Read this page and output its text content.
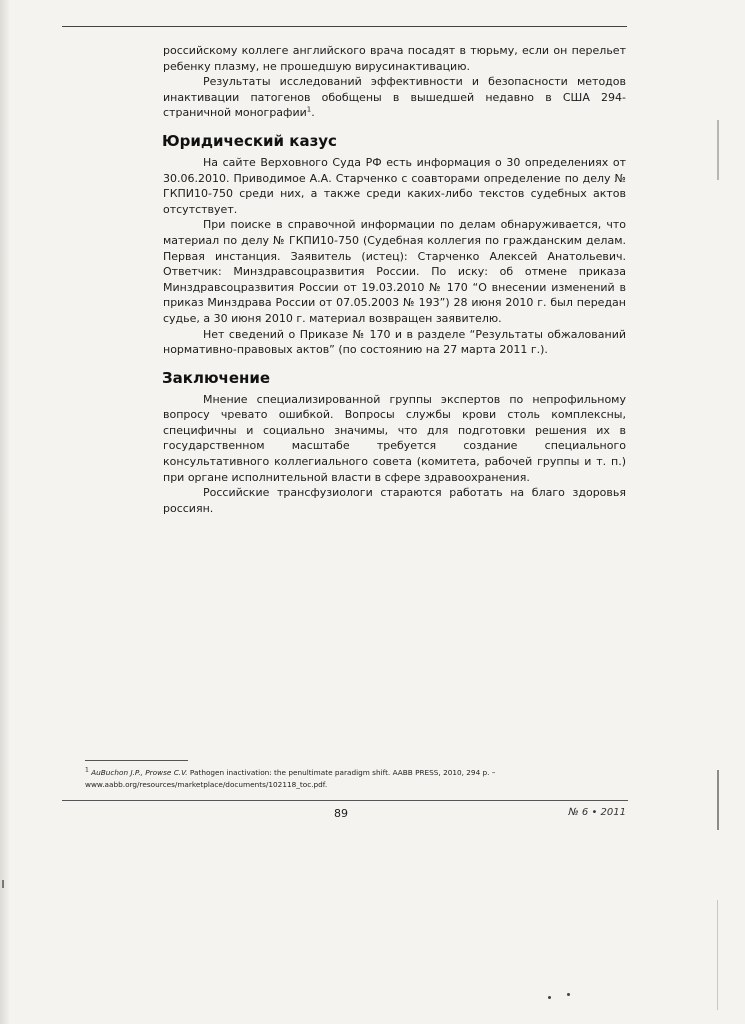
российскому коллеге английского врача посадят в тюрьму, если он перельет ребенку плазму, не прошедшую вирусинактивацию.

Результаты исследований эффективности и безопасности методов инактивации патогенов обобщены в вышедшей недавно в США 294-страничной монографии$^1$.

Юридический казус

На сайте Верховного Суда РФ есть информация о 30 определениях от 30.06.2010. Приводимое А.А. Старченко с соавторами определение по делу № ГКПИ10-750 среди них, а также среди каких-либо текстов судебных актов отсутствует.

При поиске в справочной информации по делам обнаруживается, что материал по делу № ГКПИ10-750 (Судебная коллегия по гражданским делам. Первая инстанция. Заявитель (истец): Старченко Алексей Анатольевич. Ответчик: Минздравсоцразвития России. По иску: об отмене приказа Минздравсоцразвития России от 19.03.2010 № 170 “О внесении изменений в приказ Минздрава России от 07.05.2003 № 193”) 28 июня 2010 г. был передан судье, а 30 июня 2010 г. материал возвращен заявителю.

Нет сведений о Приказе № 170 и в разделе “Результаты обжалований нормативно-правовых актов” (по состоянию на 27 марта 2011 г.).

Заключение

Мнение специализированной группы экспертов по непрофильному вопросу чревато ошибкой. Вопросы службы крови столь комплексны, специфичны и социально значимы, что для подготовки решения их в государственном масштабе требуется создание специального консультативного коллегиального совета (комитета, рабочей группы и т. п.) при органе исполнительной власти в сфере здравоохранения.

Российские трансфузиологи стараются работать на благо здоровья россиян.

$^1$ AuBuchon J.P., Prowse C.V. Pathogen inactivation: the penultimate paradigm shift. AABB PRESS, 2010, 294 p. – www.aabb.org/resources/marketplace/documents/102118_toc.pdf.
89	№ 6 • 2011
